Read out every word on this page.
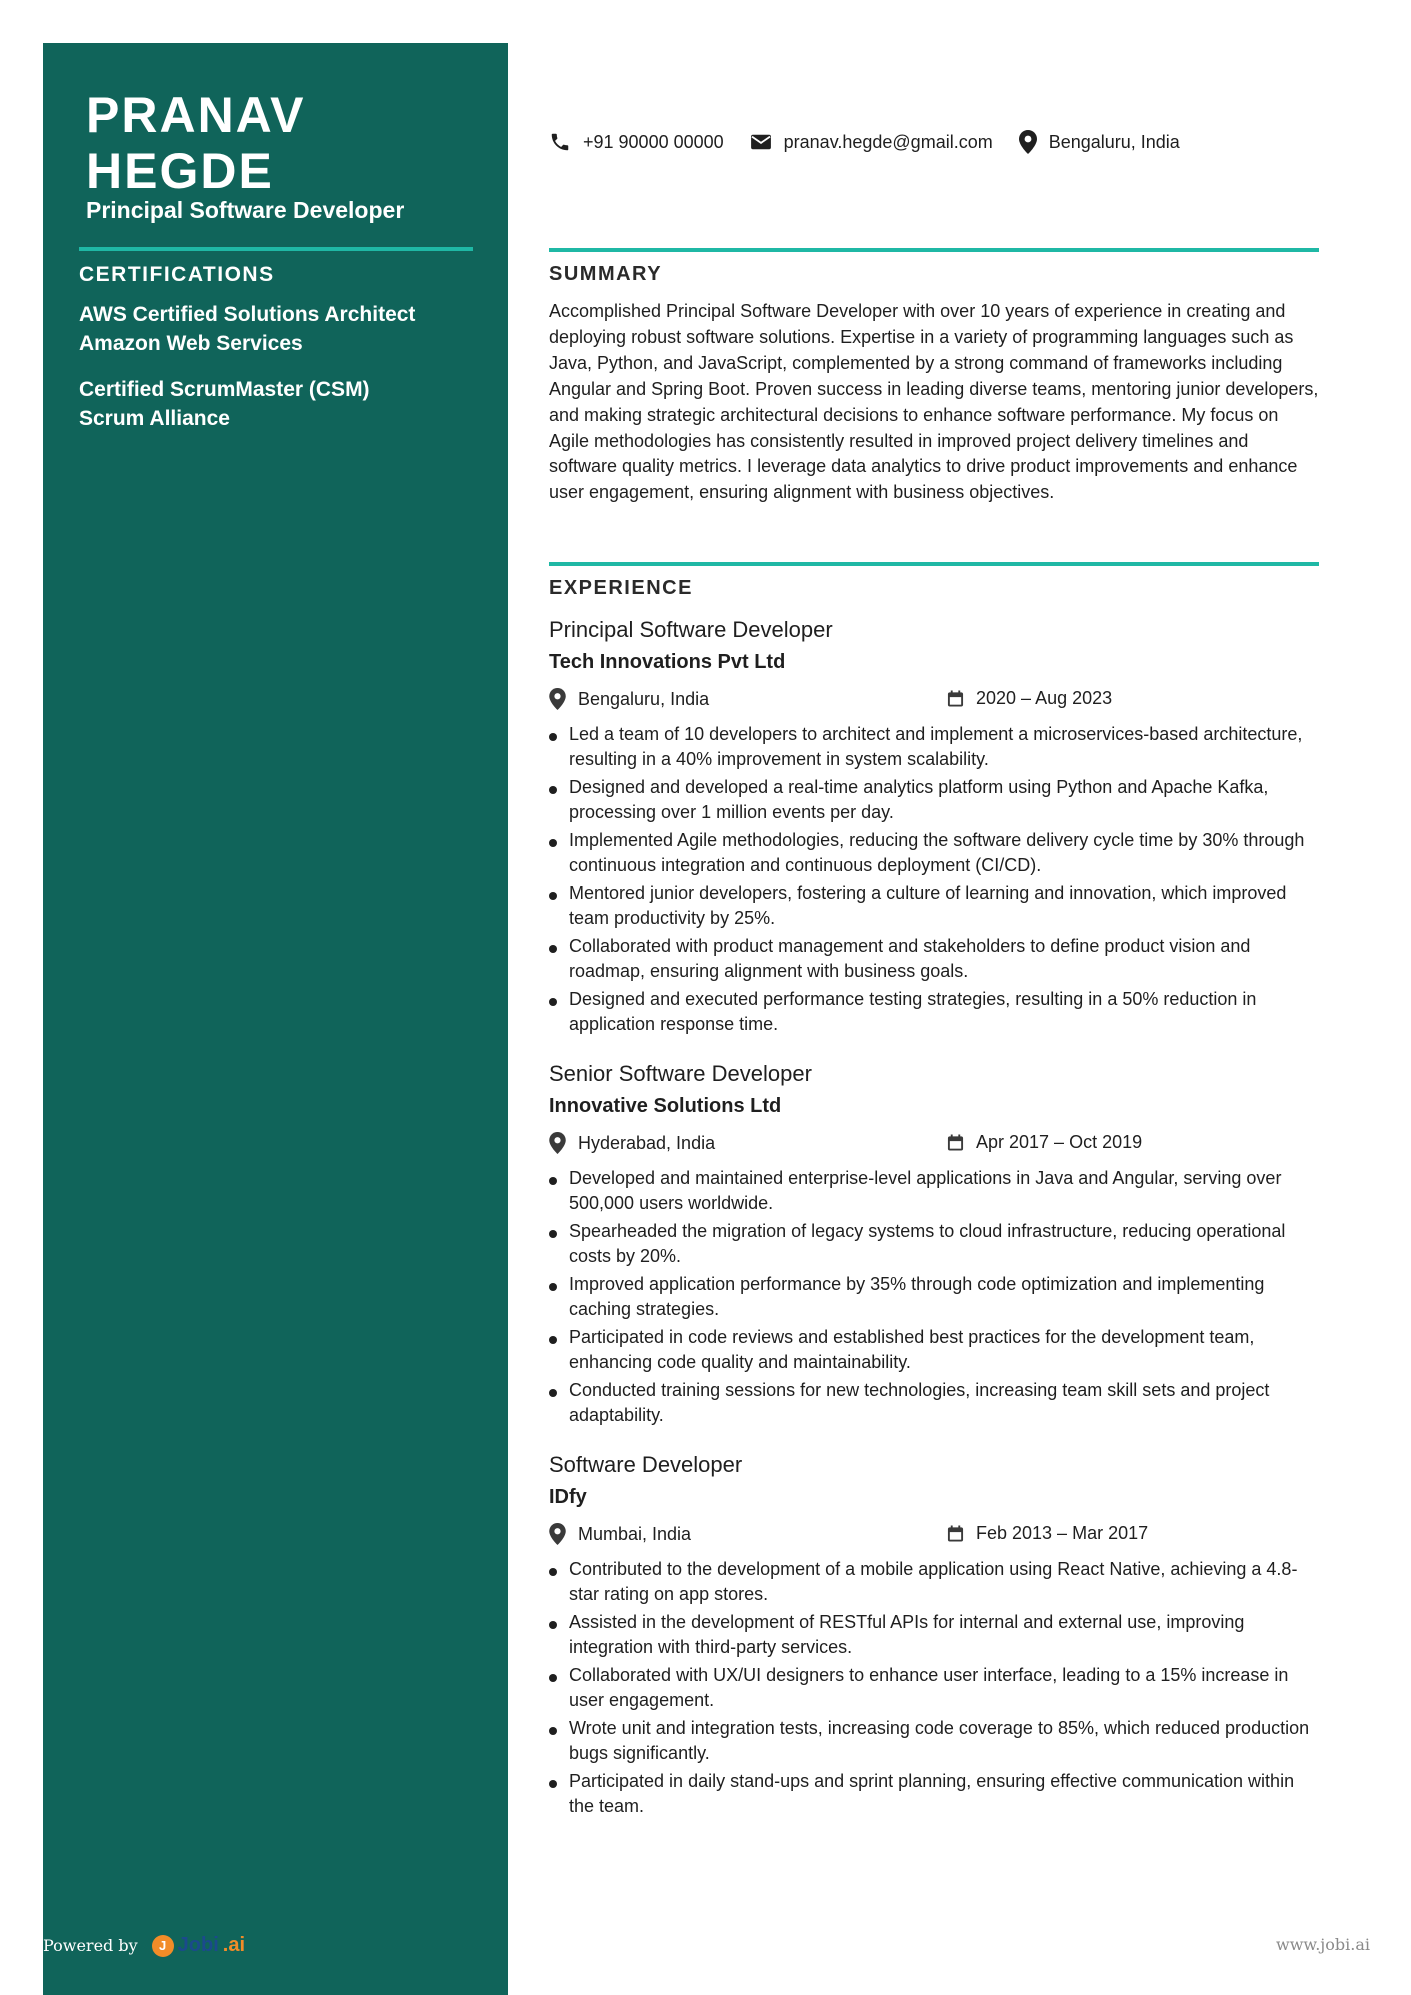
PRANAV
HEGDE
Principal Software Developer
CERTIFICATIONS
AWS Certified Solutions Architect
Amazon Web Services
Certified ScrumMaster (CSM)
Scrum Alliance
Powered by	J Jobi .ai	www.jobi.ai
+91 90000 00000	pranav.hegde@gmail.com	Bengaluru, India
SUMMARY

Accomplished Principal Software Developer with over 10 years of experience in creating and deploying robust software solutions. Expertise in a variety of programming languages such as Java, Python, and JavaScript, complemented by a strong command of frameworks including Angular and Spring Boot. Proven success in leading diverse teams, mentoring junior developers, and making strategic architectural decisions to enhance software performance. My focus on Agile methodologies has consistently resulted in improved project delivery timelines and software quality metrics. I leverage data analytics to drive product improvements and enhance user engagement, ensuring alignment with business objectives.

EXPERIENCE
Principal Software Developer
Tech Innovations Pvt Ltd
Bengaluru, India	2020 – Aug 2023
Led a team of 10 developers to architect and implement a microservices-based architecture, resulting in a 40% improvement in system scalability.
Designed and developed a real-time analytics platform using Python and Apache Kafka, processing over 1 million events per day.
Implemented Agile methodologies, reducing the software delivery cycle time by 30% through continuous integration and continuous deployment (CI/CD).
Mentored junior developers, fostering a culture of learning and innovation, which improved team productivity by 25%.
Collaborated with product management and stakeholders to define product vision and roadmap, ensuring alignment with business goals.
Designed and executed performance testing strategies, resulting in a 50% reduction in application response time.
Senior Software Developer
Innovative Solutions Ltd
Hyderabad, India	Apr 2017 – Oct 2019
Developed and maintained enterprise-level applications in Java and Angular, serving over 500,000 users worldwide.
Spearheaded the migration of legacy systems to cloud infrastructure, reducing operational costs by 20%.
Improved application performance by 35% through code optimization and implementing caching strategies.
Participated in code reviews and established best practices for the development team, enhancing code quality and maintainability.
Conducted training sessions for new technologies, increasing team skill sets and project adaptability.
Software Developer
IDfy
Mumbai, India	Feb 2013 – Mar 2017
Contributed to the development of a mobile application using React Native, achieving a 4.8-star rating on app stores.
Assisted in the development of RESTful APIs for internal and external use, improving integration with third-party services.
Collaborated with UX/UI designers to enhance user interface, leading to a 15% increase in user engagement.
Wrote unit and integration tests, increasing code coverage to 85%, which reduced production bugs significantly.
Participated in daily stand-ups and sprint planning, ensuring effective communication within the team.
